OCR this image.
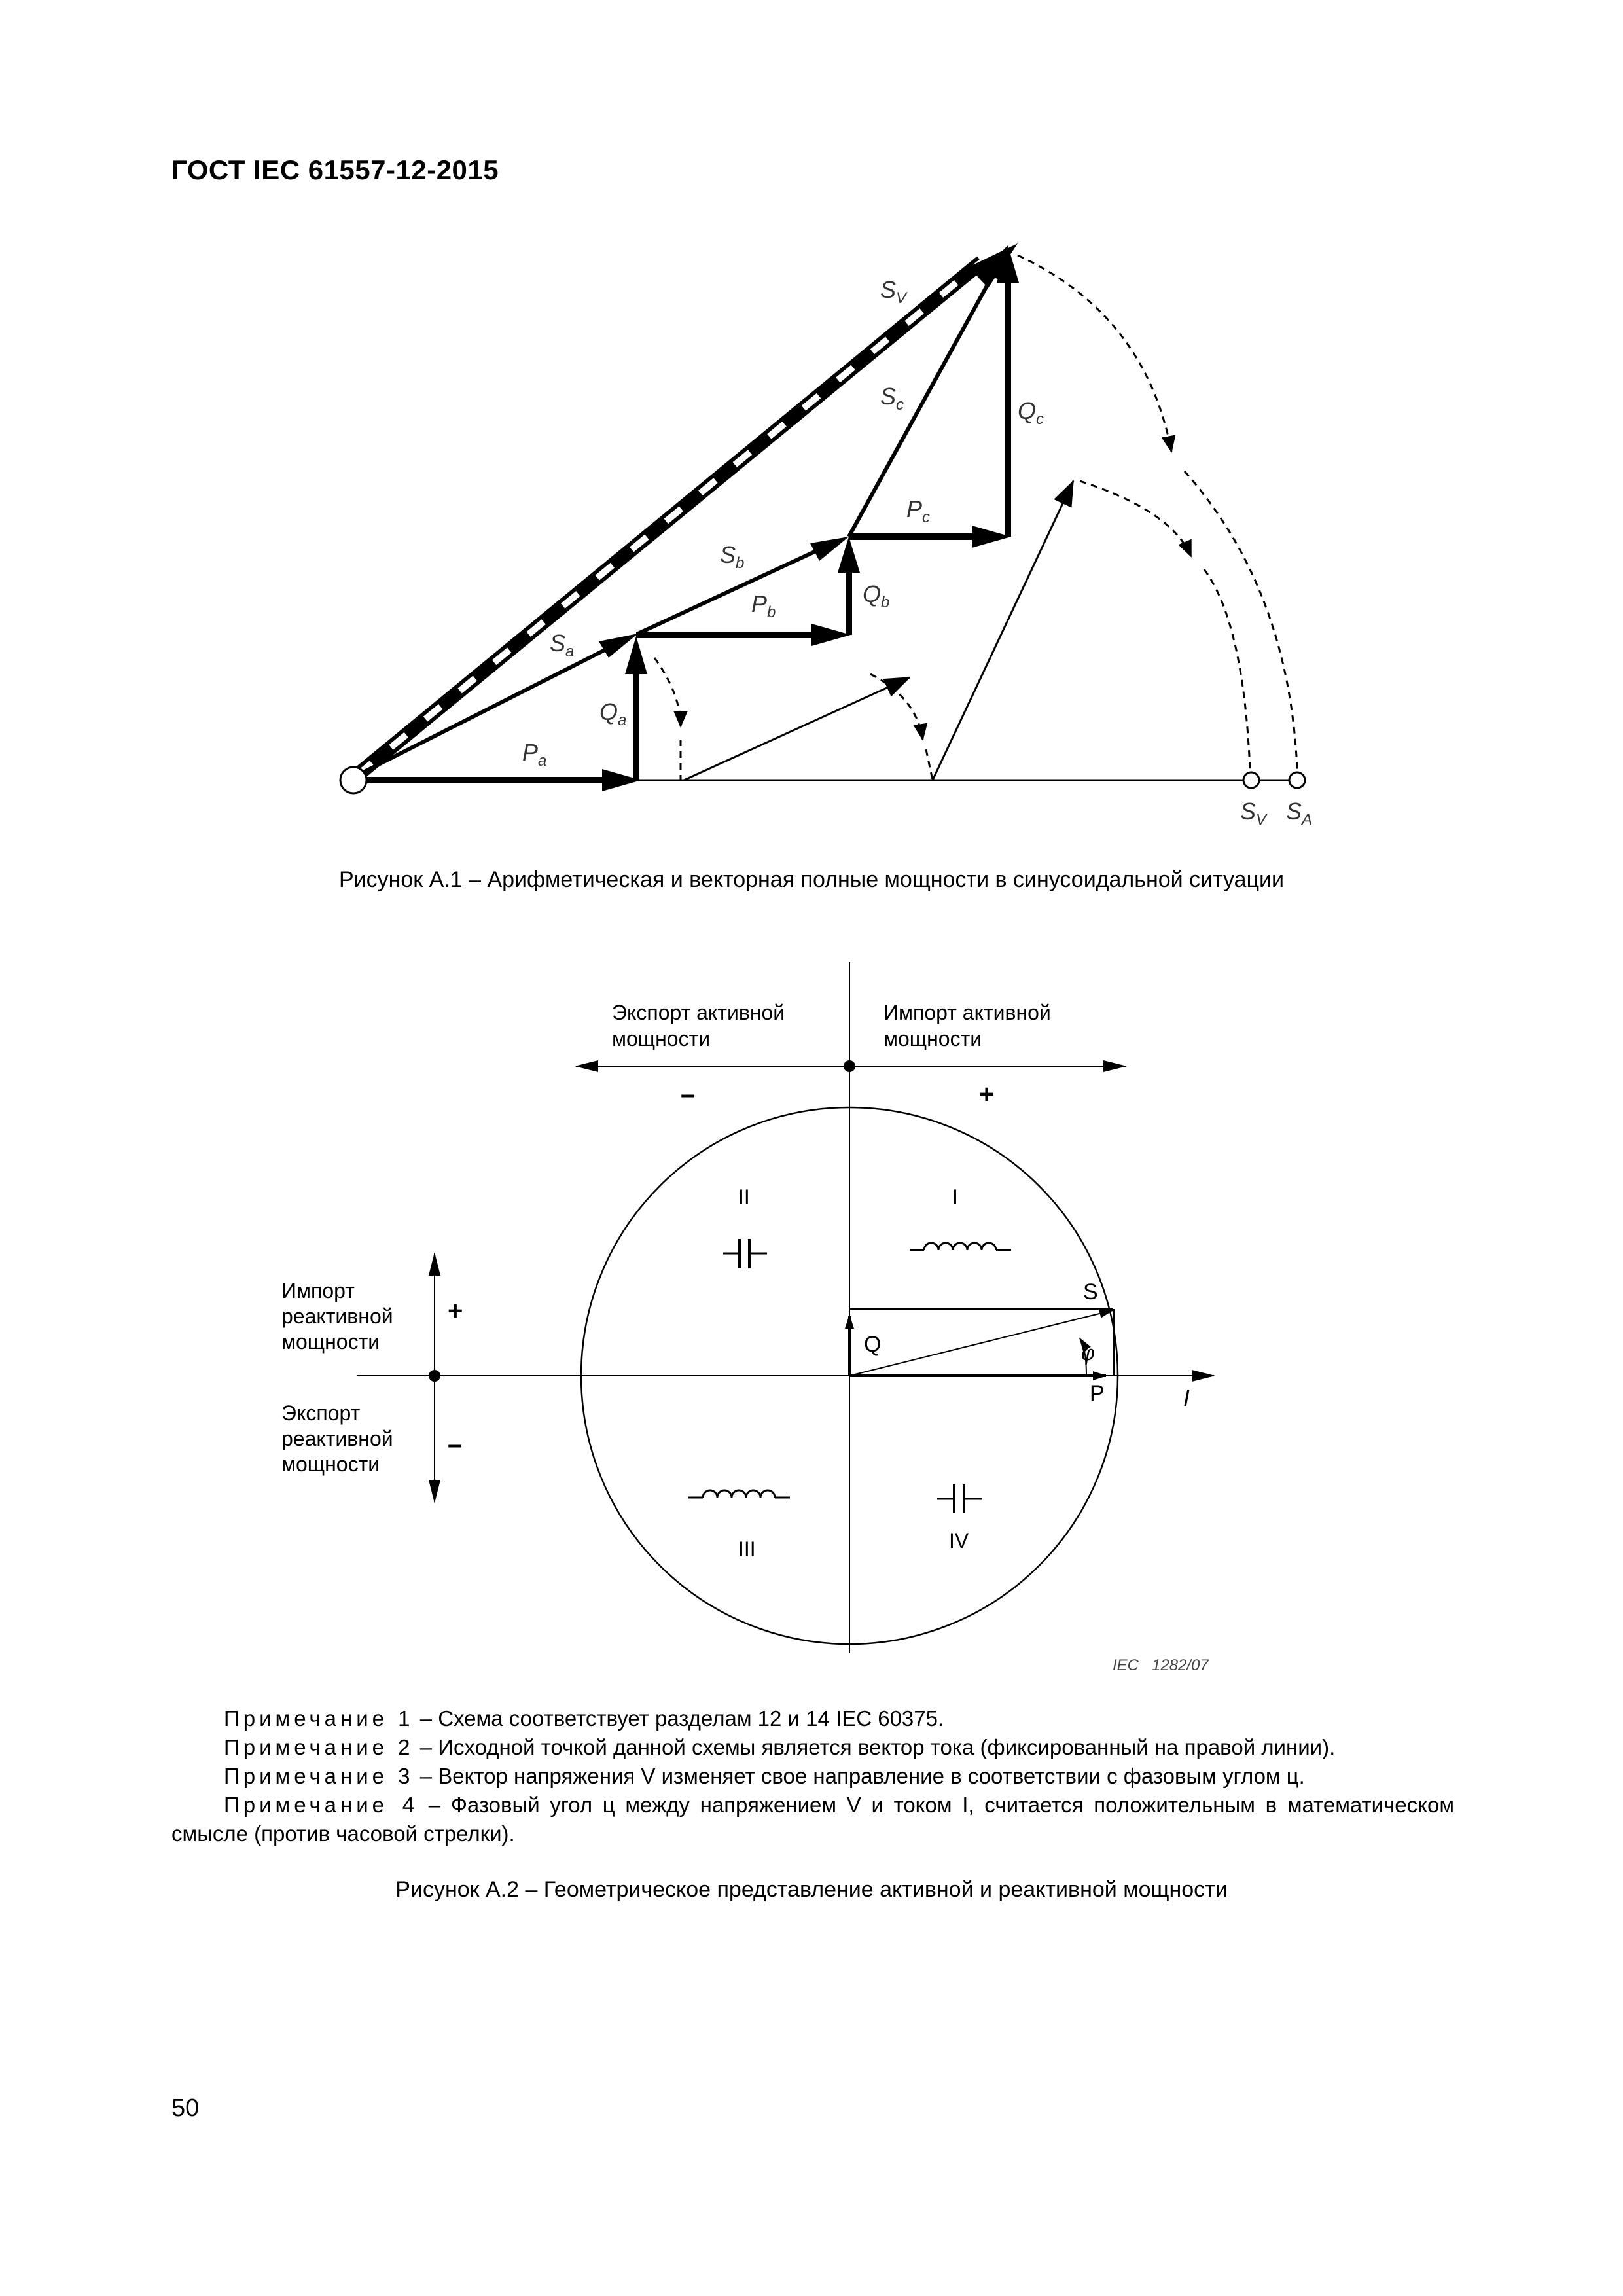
ГОСТ IEC 61557-12-2015
$S_V$
$S_c$	$Q_c$
$P_c$
$S_b$
$P_b$
$Q_b$
$S_a$
$Q_a$
$P_a$
$S_V$ $S_A$
Рисунок А.1 – Арифметическая и векторная полные мощности в синусоидальной ситуации
Экспорт активной
мощности
Импорт активной
мощности
–	+
Импорт
реактивной
мощности
Экспорт
реактивной
мощности
+
–
I
II
III	IV
S
Q
P
φ
I
IEC   1282/07
Примечание 1 – Схема соответствует разделам 12 и 14 IEC 60375.
Примечание 2 – Исходной точкой данной схемы является вектор тока (фиксированный на правой линии).
Примечание 3 – Вектор напряжения V изменяет свое направление в соответствии с фазовым углом ц.
Примечание 4 – Фазовый угол ц между напряжением V и током I, считается положительным в математическом смысле (против часовой стрелки).
Рисунок А.2 – Геометрическое представление активной и реактивной мощности
50
